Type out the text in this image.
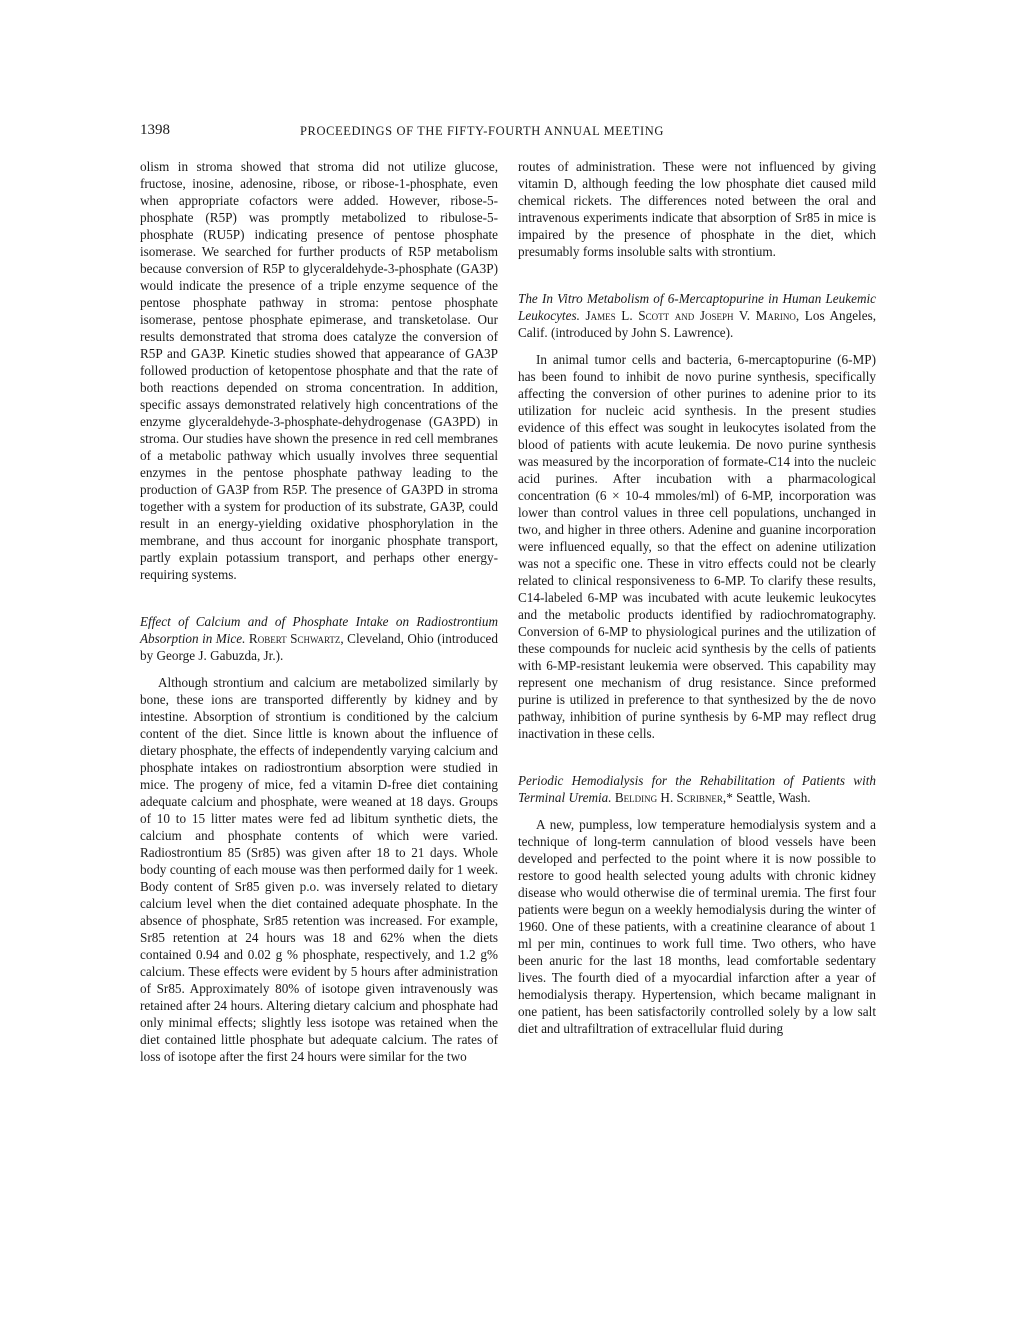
1398	PROCEEDINGS OF THE FIFTY-FOURTH ANNUAL MEETING

olism in stroma showed that stroma did not utilize glucose, fructose, inosine, adenosine, ribose, or ribose-1-phosphate, even when appropriate cofactors were added. However, ribose-5-phosphate (R5P) was promptly metabolized to ribulose-5-phosphate (RU5P) indicating presence of pentose phosphate isomerase. We searched for further products of R5P metabolism because conversion of R5P to glyceraldehyde-3-phosphate (GA3P) would indicate the presence of a triple enzyme sequence of the pentose phosphate pathway in stroma: pentose phosphate isomerase, pentose phosphate epimerase, and transketolase. Our results demonstrated that stroma does catalyze the conversion of R5P and GA3P. Kinetic studies showed that appearance of GA3P followed production of ketopentose phosphate and that the rate of both reactions depended on stroma concentration. In addition, specific assays demonstrated relatively high concentrations of the enzyme glyceraldehyde-3-phosphate-dehydrogenase (GA3PD) in stroma. Our studies have shown the presence in red cell membranes of a metabolic pathway which usually involves three sequential enzymes in the pentose phosphate pathway leading to the production of GA3P from R5P. The presence of GA3PD in stroma together with a system for production of its substrate, GA3P, could result in an energy-yielding oxidative phosphorylation in the membrane, and thus account for inorganic phosphate transport, partly explain potassium transport, and perhaps other energy-requiring systems.

Effect of Calcium and of Phosphate Intake on Radiostrontium Absorption in Mice. Robert Schwartz, Cleveland, Ohio (introduced by George J. Gabuzda, Jr.).

Although strontium and calcium are metabolized similarly by bone, these ions are transported differently by kidney and by intestine. Absorption of strontium is conditioned by the calcium content of the diet. Since little is known about the influence of dietary phosphate, the effects of independently varying calcium and phosphate intakes on radiostrontium absorption were studied in mice. The progeny of mice, fed a vitamin D-free diet containing adequate calcium and phosphate, were weaned at 18 days. Groups of 10 to 15 litter mates were fed ad libitum synthetic diets, the calcium and phosphate contents of which were varied. Radiostrontium 85 (Sr85) was given after 18 to 21 days. Whole body counting of each mouse was then performed daily for 1 week. Body content of Sr85 given p.o. was inversely related to dietary calcium level when the diet contained adequate phosphate. In the absence of phosphate, Sr85 retention was increased. For example, Sr85 retention at 24 hours was 18 and 62% when the diets contained 0.94 and 0.02 g % phosphate, respectively, and 1.2 g% calcium. These effects were evident by 5 hours after administration of Sr85. Approximately 80% of isotope given intravenously was retained after 24 hours. Altering dietary calcium and phosphate had only minimal effects; slightly less isotope was retained when the diet contained little phosphate but adequate calcium. The rates of loss of isotope after the first 24 hours were similar for the two

routes of administration. These were not influenced by giving vitamin D, although feeding the low phosphate diet caused mild chemical rickets. The differences noted between the oral and intravenous experiments indicate that absorption of Sr85 in mice is impaired by the presence of phosphate in the diet, which presumably forms insoluble salts with strontium.

The In Vitro Metabolism of 6-Mercaptopurine in Human Leukemic Leukocytes. James L. Scott and Joseph V. Marino, Los Angeles, Calif. (introduced by John S. Lawrence).

In animal tumor cells and bacteria, 6-mercaptopurine (6-MP) has been found to inhibit de novo purine synthesis, specifically affecting the conversion of other purines to adenine prior to its utilization for nucleic acid synthesis. In the present studies evidence of this effect was sought in leukocytes isolated from the blood of patients with acute leukemia. De novo purine synthesis was measured by the incorporation of formate-C14 into the nucleic acid purines. After incubation with a pharmacological concentration (6 × 10-4 mmoles/ml) of 6-MP, incorporation was lower than control values in three cell populations, unchanged in two, and higher in three others. Adenine and guanine incorporation were influenced equally, so that the effect on adenine utilization was not a specific one. These in vitro effects could not be clearly related to clinical responsiveness to 6-MP. To clarify these results, C14-labeled 6-MP was incubated with acute leukemic leukocytes and the metabolic products identified by radiochromatography. Conversion of 6-MP to physiological purines and the utilization of these compounds for nucleic acid synthesis by the cells of patients with 6-MP-resistant leukemia were observed. This capability may represent one mechanism of drug resistance. Since preformed purine is utilized in preference to that synthesized by the de novo pathway, inhibition of purine synthesis by 6-MP may reflect drug inactivation in these cells.

Periodic Hemodialysis for the Rehabilitation of Patients with Terminal Uremia. Belding H. Scribner,* Seattle, Wash.

A new, pumpless, low temperature hemodialysis system and a technique of long-term cannulation of blood vessels have been developed and perfected to the point where it is now possible to restore to good health selected young adults with chronic kidney disease who would otherwise die of terminal uremia. The first four patients were begun on a weekly hemodialysis during the winter of 1960. One of these patients, with a creatinine clearance of about 1 ml per min, continues to work full time. Two others, who have been anuric for the last 18 months, lead comfortable sedentary lives. The fourth died of a myocardial infarction after a year of hemodialysis therapy. Hypertension, which became malignant in one patient, has been satisfactorily controlled solely by a low salt diet and ultrafiltration of extracellular fluid during
